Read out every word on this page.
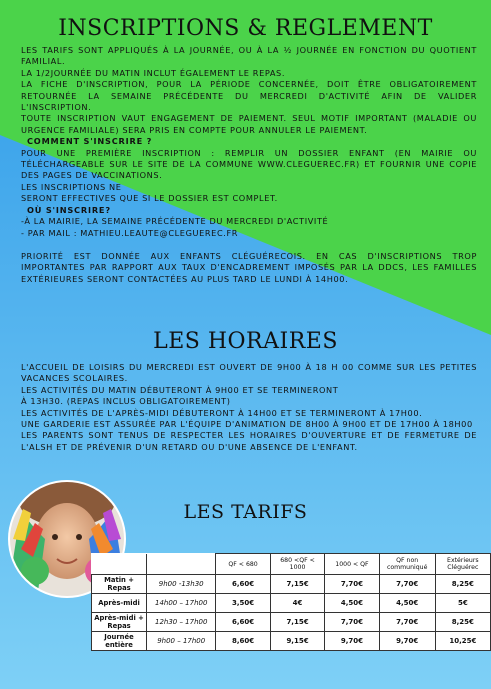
INSCRIPTIONS & REGLEMENT

LES TARIFS SONT APPLIQUÉS À LA JOURNÉE, OU À LA ½ JOURNÉE EN FONCTION DU QUOTIENT FAMILIAL.

LA 1/2JOURNÉE DU MATIN INCLUT ÉGALEMENT LE REPAS.

LA FICHE D'INSCRIPTION, POUR LA PÉRIODE CONCERNÉE, DOIT ÊTRE OBLIGATOIREMENT RETOURNÉE LA SEMAINE PRÉCÉDENTE DU MERCREDI D'ACTIVITÉ AFIN DE VALIDER L'INSCRIPTION.

TOUTE INSCRIPTION VAUT ENGAGEMENT DE PAIEMENT. SEUL MOTIF IMPORTANT (MALADIE OU URGENCE FAMILIALE) SERA PRIS EN COMPTE POUR ANNULER LE PAIEMENT.

COMMENT S'INSCRIRE ?

POUR UNE PREMIÈRE INSCRIPTION : REMPLIR UN DOSSIER ENFANT (EN MAIRIE OU TÉLÉCHARGEABLE SUR LE SITE DE LA COMMUNE WWW.CLEGUEREC.FR) ET FOURNIR UNE COPIE DES PAGES DE VACCINATIONS.

LES INSCRIPTIONS NE

SERONT EFFECTIVES QUE SI LE DOSSIER EST COMPLET.

OÙ S'INSCRIRE?

-À LA MAIRIE, LA SEMAINE PRÉCÉDENTE DU MERCREDI D'ACTIVITÉ

- PAR MAIL : MATHIEU.LEAUTE@CLEGUEREC.FR

PRIORITÉ EST DONNÉE AUX ENFANTS CLÉGUÉRECOIS. EN CAS D'INSCRIPTIONS TROP IMPORTANTES PAR RAPPORT AUX TAUX D'ENCADREMENT IMPOSÉS PAR LA DDCS, LES FAMILLES EXTÉRIEURES SERONT CONTACTÉES AU PLUS TARD LE LUNDI À 14H00.

LES HORAIRES

L'ACCUEIL DE LOISIRS DU MERCREDI EST OUVERT DE 9H00 À 18 H 00 COMME SUR LES PETITES VACANCES SCOLAIRES.

LES ACTIVITÉS DU MATIN DÉBUTERONT À 9H00 ET SE TERMINERONT

À 13H30. (REPAS INCLUS OBLIGATOIREMENT)

LES ACTIVITÉS DE L'APRÈS-MIDI DÉBUTERONT À 14H00 ET SE TERMINERONT À 17H00.

UNE GARDERIE EST ASSURÉE PAR L'ÉQUIPE D'ANIMATION DE 8H00 À 9H00 ET DE 17H00 À 18H00

LES PARENTS SONT TENUS DE RESPECTER LES HORAIRES D'OUVERTURE ET DE FERMETURE DE L'ALSH ET DE PRÉVENIR D'UN RETARD OU D'UNE ABSENCE DE L'ENFANT.

LES TARIFS
		QF < 680	680 <QF < 1000	1000 < QF	QF non communiqué	Extérieurs Cléguérec
Matin + Repas	9h00 -13h30	6,60€	7,15€	7,70€	7,70€	8,25€
Après-midi	14h00 – 17h00	3,50€	4€	4,50€	4,50€	5€
Après-midi + Repas	12h30 – 17h00	6,60€	7,15€	7,70€	7,70€	8,25€
Journée entière	9h00 – 17h00	8,60€	9,15€	9,70€	9,70€	10,25€
